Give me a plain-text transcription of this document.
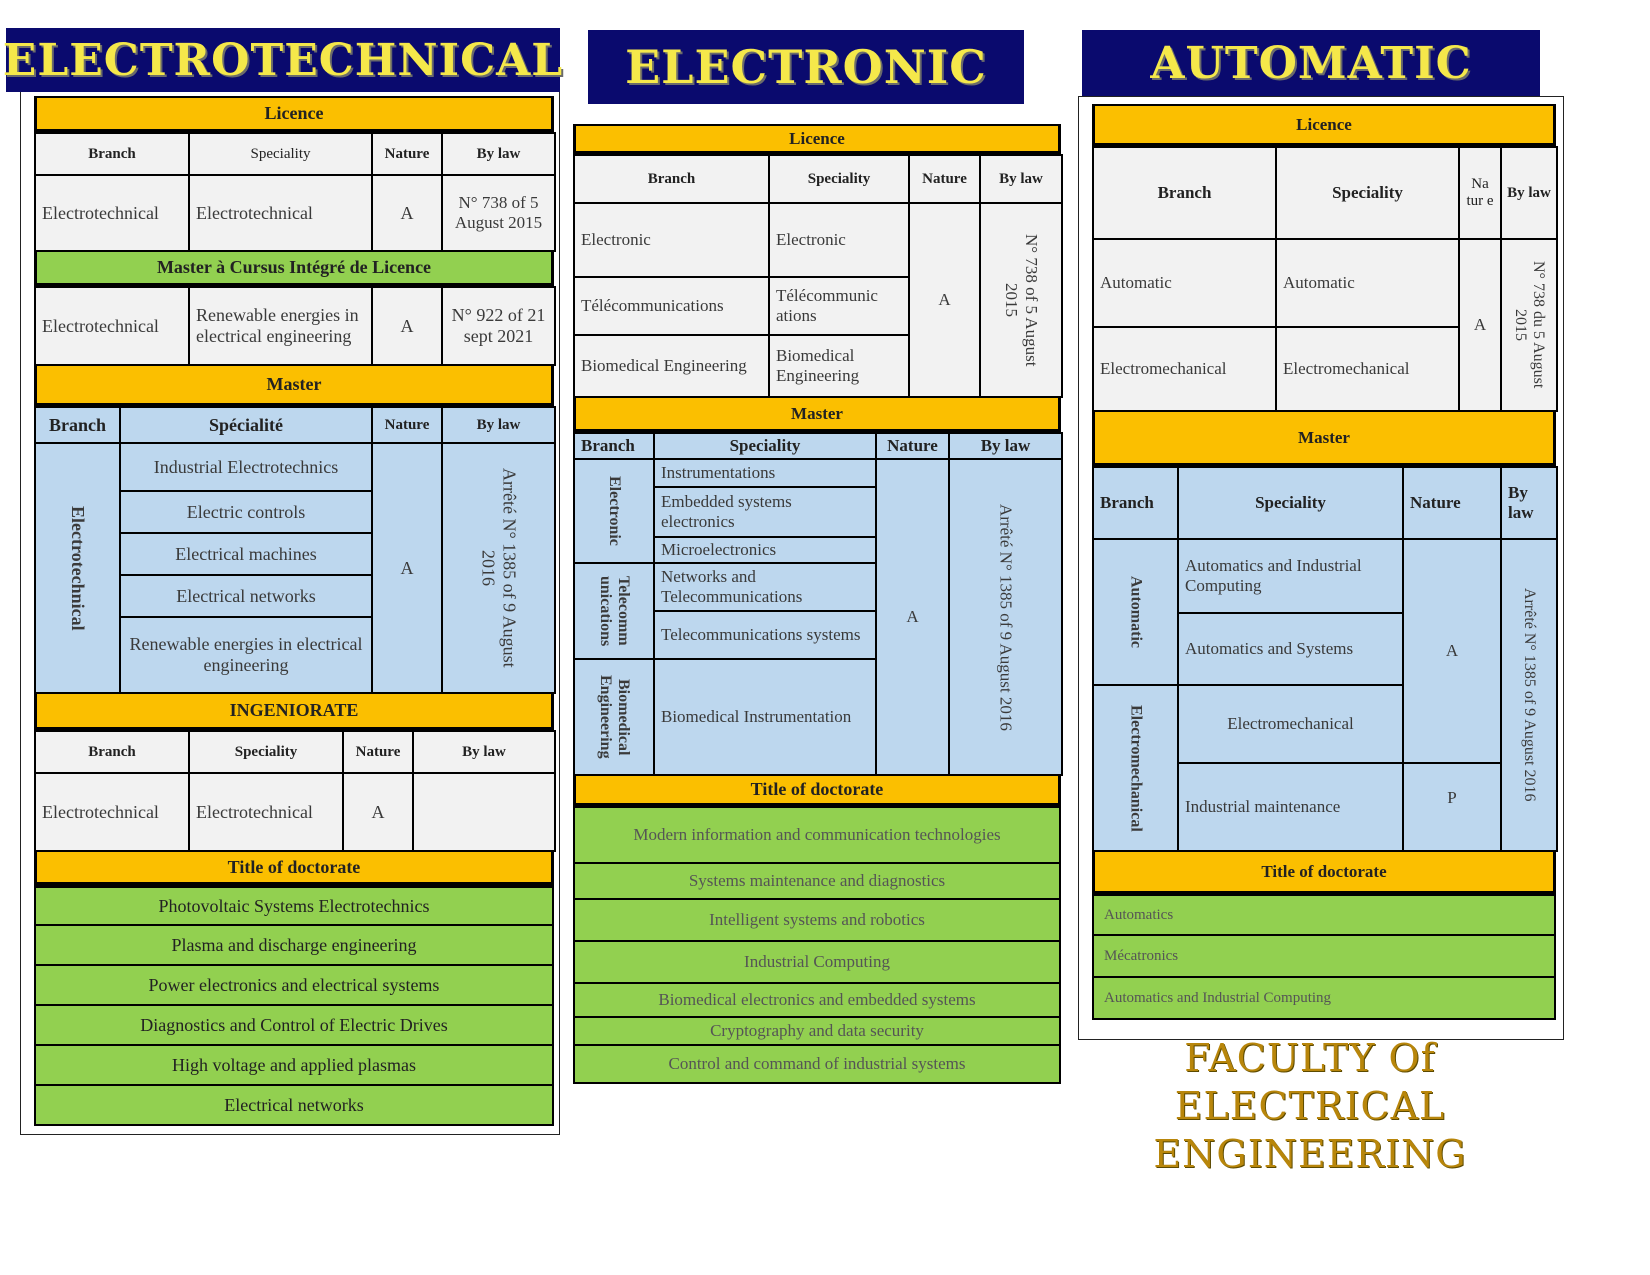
ELECTROTECHNICAL
Licence
Branch	Speciality	Nature	By law
Electrotechnical	Electrotechnical	A	N° 738 of 5 August 2015
Master à Cursus Intégré de Licence
Electrotechnical	Renewable energies in electrical engineering	A	N° 922 of 21 sept 2021
Master
Branch	Spécialité	Nature	By law

Electrotechnical	Industrial Electrotechnics	A	Arrêté N° 1385 of 9 August 2016

	Electric controls		
	Electrical machines		
	Electrical networks		
	Renewable energies in electrical engineering		
INGENIORATE
Branch	Speciality	Nature	By law
Electrotechnical	Electrotechnical	A	
Title of doctorate
Photovoltaic Systems Electrotechnics
Plasma and discharge engineering
Power electronics and electrical systems
Diagnostics and Control of Electric Drives
High voltage and applied plasmas
Electrical networks
ELECTRONIC
Licence
Branch	Speciality	Nature	By law
Electronic	Electronic	A	N° 738 of 5 August 2015

Télécommunications	Télécommunic ations		
Biomedical Engineering	Biomedical Engineering		
Master
Branch	Speciality	Nature	By law

Electronic	Instrumentations	A	Arrêté N° 1385 of 9 August 2016

	Embedded systems electronics		
	Microelectronics		

Telecomm unications	Networks and Telecommunications		
	Telecommunications systems		

Biomedical Engineering	Biomedical Instrumentation		
Title of doctorate
Modern information and communication technologies
Systems maintenance and diagnostics
Intelligent systems and robotics
Industrial Computing
Biomedical electronics and embedded systems
Cryptography and data security
Control and command of industrial systems
AUTOMATIC
Licence
Branch	Speciality	Na tur e	By law
Automatic	Automatic	A	N° 738 du 5 August 2015

Electromechanical	Electromechanical		
Master
Branch	Speciality	Nature	By law

Automatic	Automatics and Industrial Computing	A	Arrêté N° 1385 of 9 August 2016

	Automatics and Systems		

Electromechanical	Electromechanical		
	Industrial maintenance	P	
Title of doctorate
Automatics
Mécatronics
Automatics and Industrial Computing
FACULTY Of
ELECTRICAL
ENGINEERING
